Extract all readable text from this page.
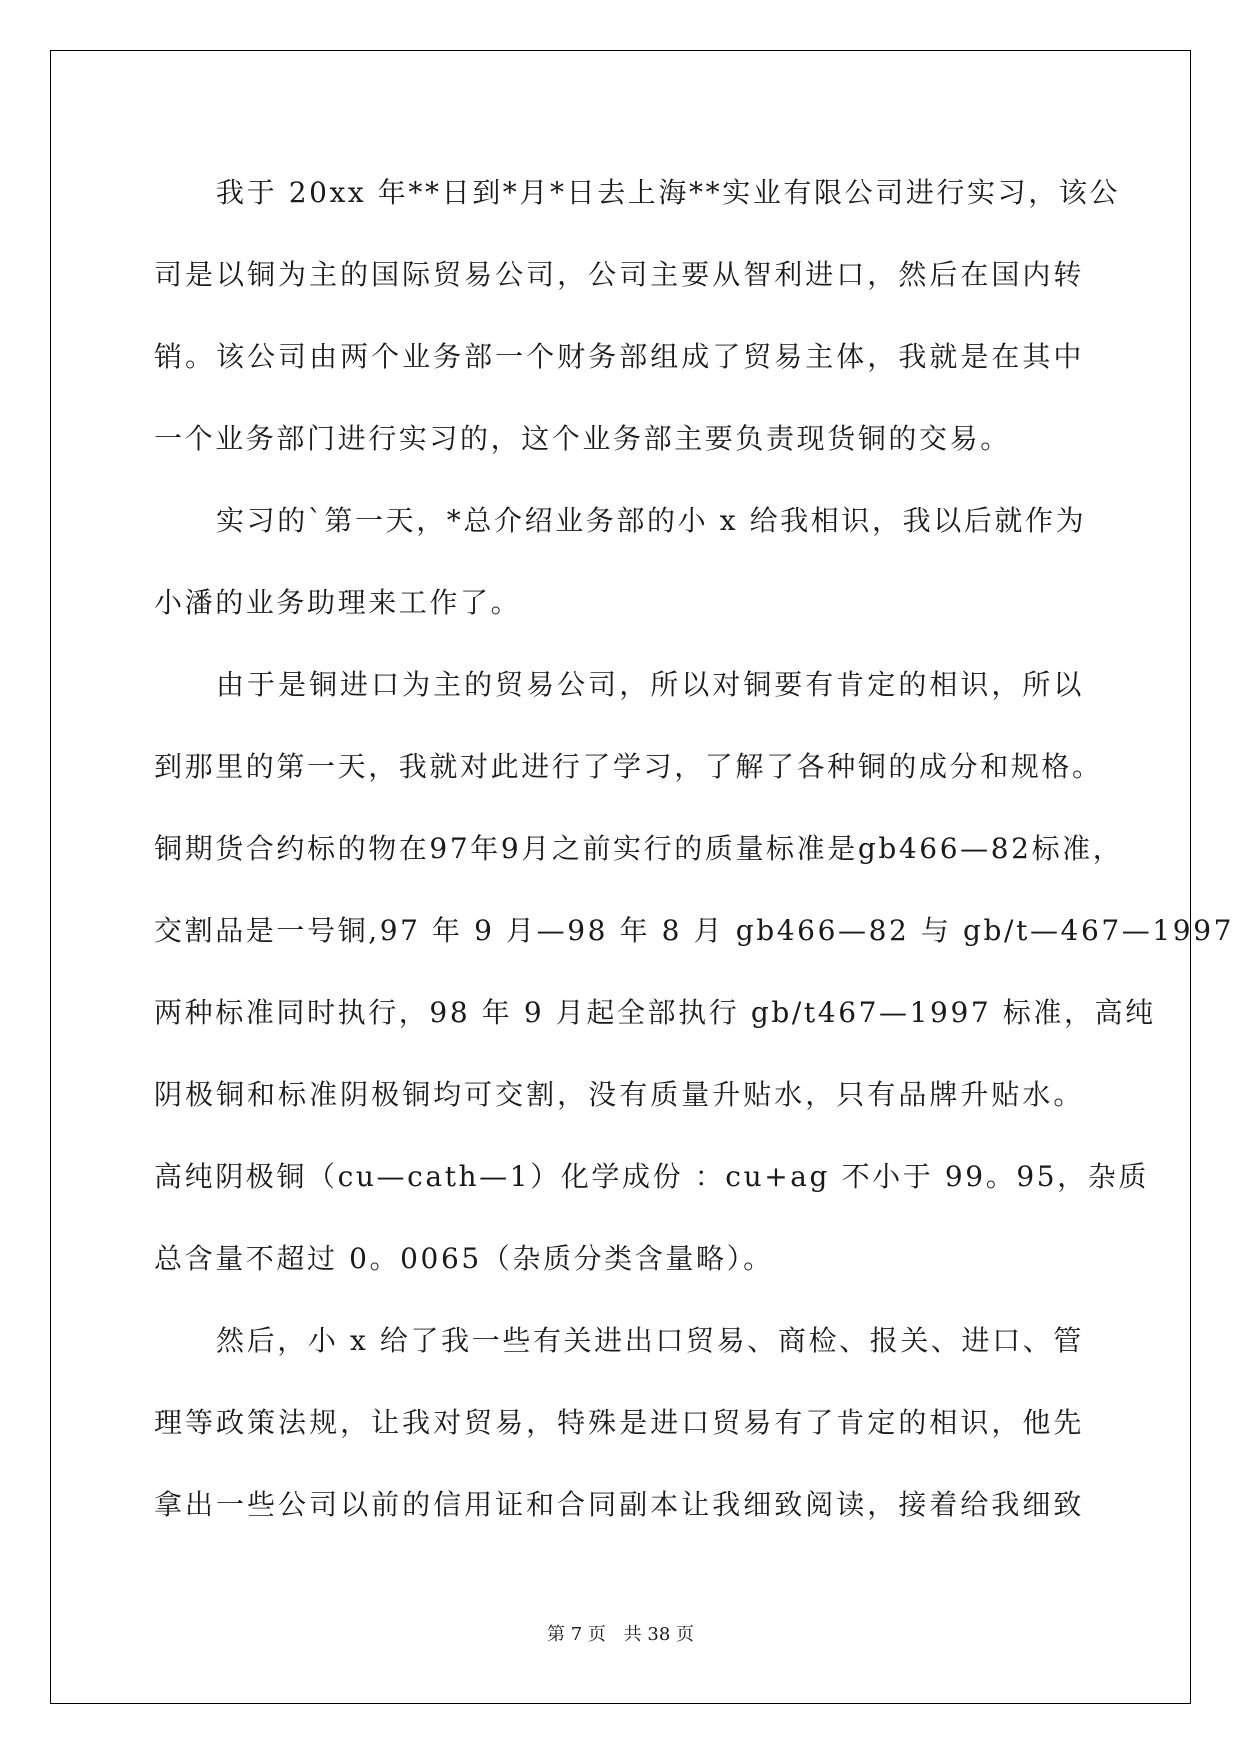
我于 20xx 年**日到*月*日去上海**实业有限公司进行实习，该公
司是以铜为主的国际贸易公司，公司主要从智利进口，然后在国内转
销。该公司由两个业务部一个财务部组成了贸易主体，我就是在其中
一个业务部门进行实习的，这个业务部主要负责现货铜的交易。
实习的`第一天，*总介绍业务部的小 x 给我相识，我以后就作为
小潘的业务助理来工作了。
由于是铜进口为主的贸易公司，所以对铜要有肯定的相识，所以
到那里的第一天，我就对此进行了学习，了解了各种铜的成分和规格。
铜期货合约标的物在97年9月之前实行的质量标准是gb466—82标准，
交割品是一号铜,97 年 9 月—98 年 8 月 gb466—82 与 gb/t—467—1997
两种标准同时执行，98 年 9 月起全部执行 gb/t467—1997 标准，高纯
阴极铜和标准阴极铜均可交割，没有质量升贴水，只有品牌升贴水。
高纯阴极铜（cu—cath—1）化学成份 ：cu+ag 不小于 99。95，杂质
总含量不超过 0。0065（杂质分类含量略）。
然后，小 x 给了我一些有关进出口贸易、商检、报关、进口、管
理等政策法规，让我对贸易，特殊是进口贸易有了肯定的相识，他先
拿出一些公司以前的信用证和合同副本让我细致阅读，接着给我细致
第 7 页 共 38 页
